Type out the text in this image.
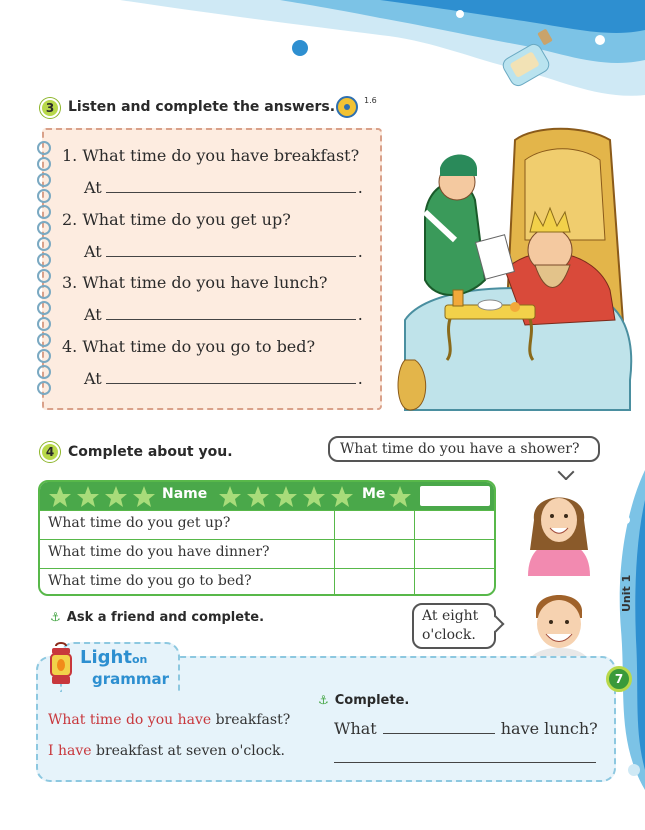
3 Listen and complete the answers.	1.6
1. What time do you have breakfast?
At	.
2. What time do you get up?
At	.
3. What time do you have lunch?
At	.
4. What time do you go to bed?
At	.
4 Complete about you.	What time do you have a shower?
Name	Me
What time do you get up?
What time do you have dinner?
What time do you go to bed?
At eight
o'clock.
⚓ Ask a friend and complete.
Lighton
grammar
What time do you have breakfast?
I have breakfast at seven o'clock.
⚓ Complete.
What	have lunch?
Unit 1
7
